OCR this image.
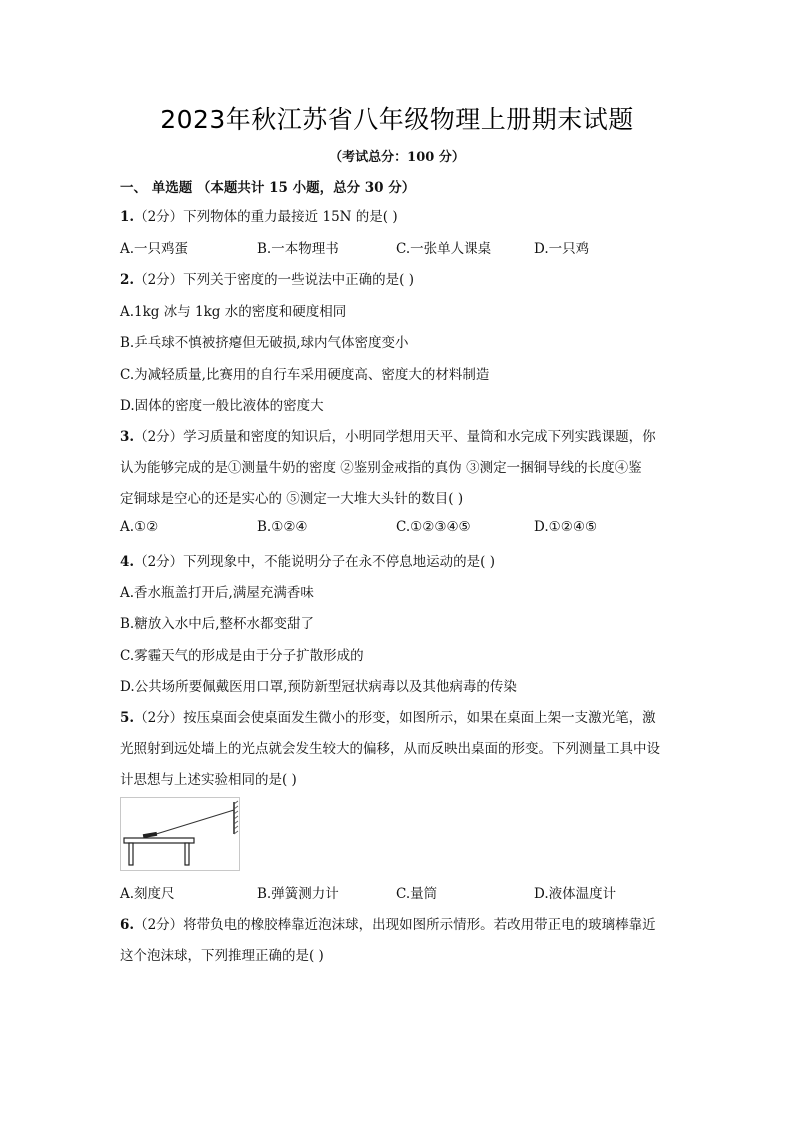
2023年秋江苏省八年级物理上册期末试题
（考试总分：100 分）
一、 单选题 （本题共计 15 小题，总分 30 分）
1.（2分）下列物体的重力最接近 15N 的是( )
A.一只鸡蛋	B.一本物理书	C.一张单人课桌	D.一只鸡
2.（2分）下列关于密度的一些说法中正确的是( )
A.1kg 冰与 1kg 水的密度和硬度相同
B.乒乓球不慎被挤瘪但无破损,球内气体密度变小
C.为减轻质量,比赛用的自行车采用硬度高、密度大的材料制造
D.固体的密度一般比液体的密度大
3.（2分）学习质量和密度的知识后，小明同学想用天平、量筒和水完成下列实践课题，你
认为能够完成的是①测量牛奶的密度 ②鉴别金戒指的真伪 ③测定一捆铜导线的长度④鉴
定铜球是空心的还是实心的 ⑤测定一大堆大头针的数目( )
A.①②	B.①②④	C.①②③④⑤	D.①②④⑤
4.（2分）下列现象中，不能说明分子在永不停息地运动的是( )
A.香水瓶盖打开后,满屋充满香味
B.糖放入水中后,整杯水都变甜了
C.雾霾天气的形成是由于分子扩散形成的
D.公共场所要佩戴医用口罩,预防新型冠状病毒以及其他病毒的传染
5.（2分）按压桌面会使桌面发生微小的形变，如图所示，如果在桌面上架一支激光笔，激
光照射到远处墙上的光点就会发生较大的偏移，从而反映出桌面的形变。下列测量工具中设
计思想与上述实验相同的是( )
A.刻度尺	B.弹簧测力计	C.量筒	D.液体温度计
6.（2分）将带负电的橡胶棒靠近泡沫球，出现如图所示情形。若改用带正电的玻璃棒靠近
这个泡沫球，下列推理正确的是( )
